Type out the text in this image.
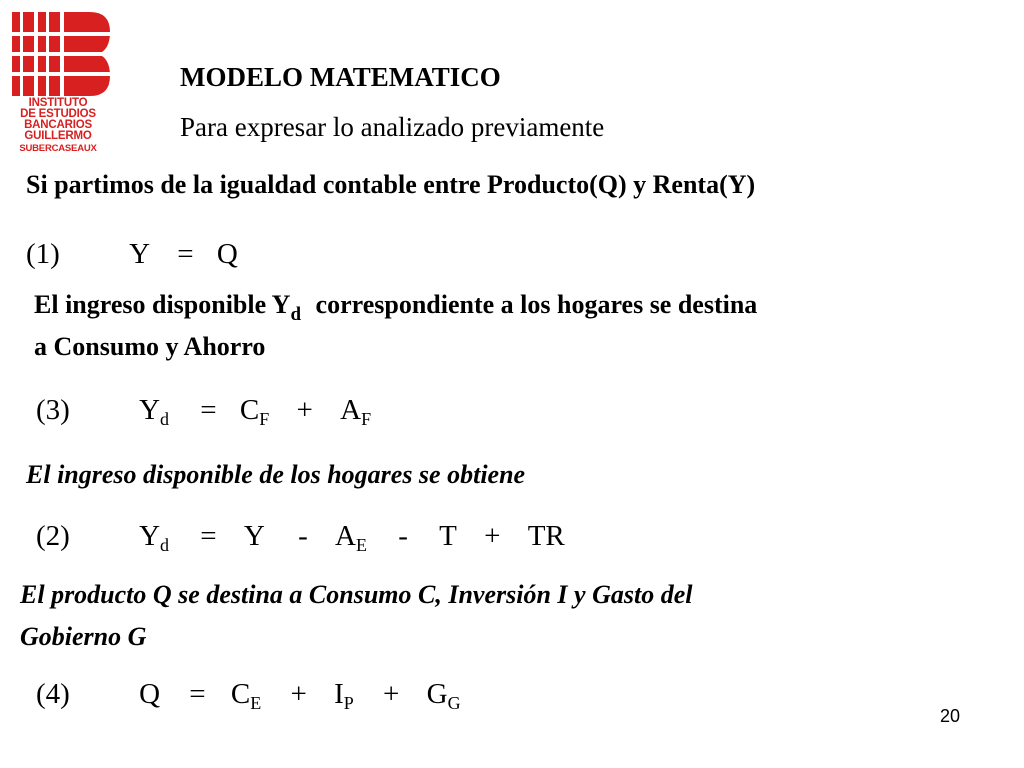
INSTITUTO
DE ESTUDIOS
BANCARIOS
GUILLERMO
SUBERCASEAUX
MODELO MATEMATICO
Para expresar lo analizado previamente
Si partimos de la igualdad contable entre Producto(Q) y Renta(Y)
(1) Y = Q
El ingreso disponible $Y_d$ correspondiente a los hogares se destina
a Consumo y Ahorro
(3) Yd = CF + AF
El ingreso disponible de los hogares se obtiene
(2) Yd = Y - AE - T + TR
El producto Q se destina a Consumo C, Inversión I y Gasto del
Gobierno G
(4) Q = CE + IP + GG
20
